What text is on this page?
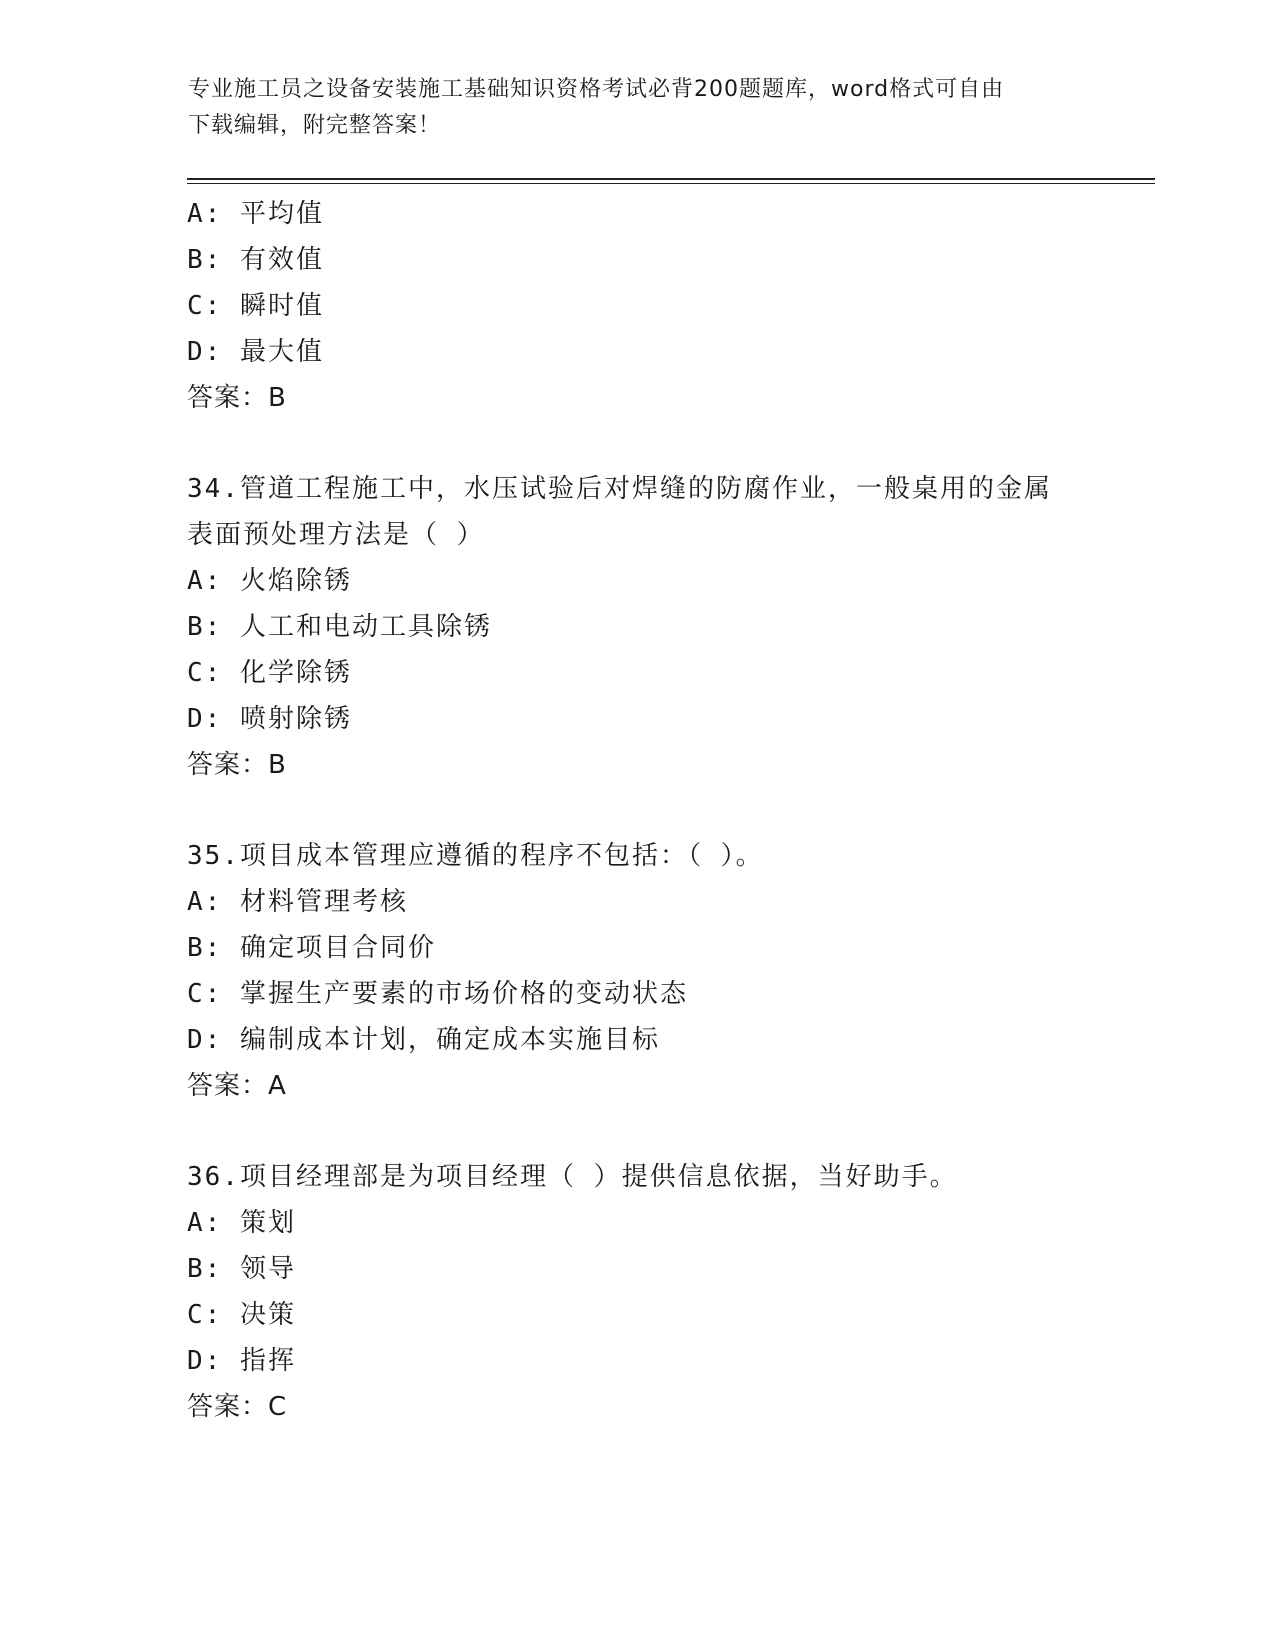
专业施工员之设备安装施工基础知识资格考试必背200题题库，word格式可自由
下载编辑，附完整答案！
A: 平均值
B: 有效值
C: 瞬时值
D: 最大值
答案：B
34.管道工程施工中，水压试验后对焊缝的防腐作业，一般桌用的金属
表面预处理方法是（ ）
A: 火焰除锈
B: 人工和电动工具除锈
C: 化学除锈
D: 喷射除锈
答案：B
35.项目成本管理应遵循的程序不包括：（ ）。
A: 材料管理考核
B: 确定项目合同价
C: 掌握生产要素的市场价格的变动状态
D: 编制成本计划，确定成本实施目标
答案：A
36.项目经理部是为项目经理（ ）提供信息依据，当好助手。
A: 策划
B: 领导
C: 决策
D: 指挥
答案：C
